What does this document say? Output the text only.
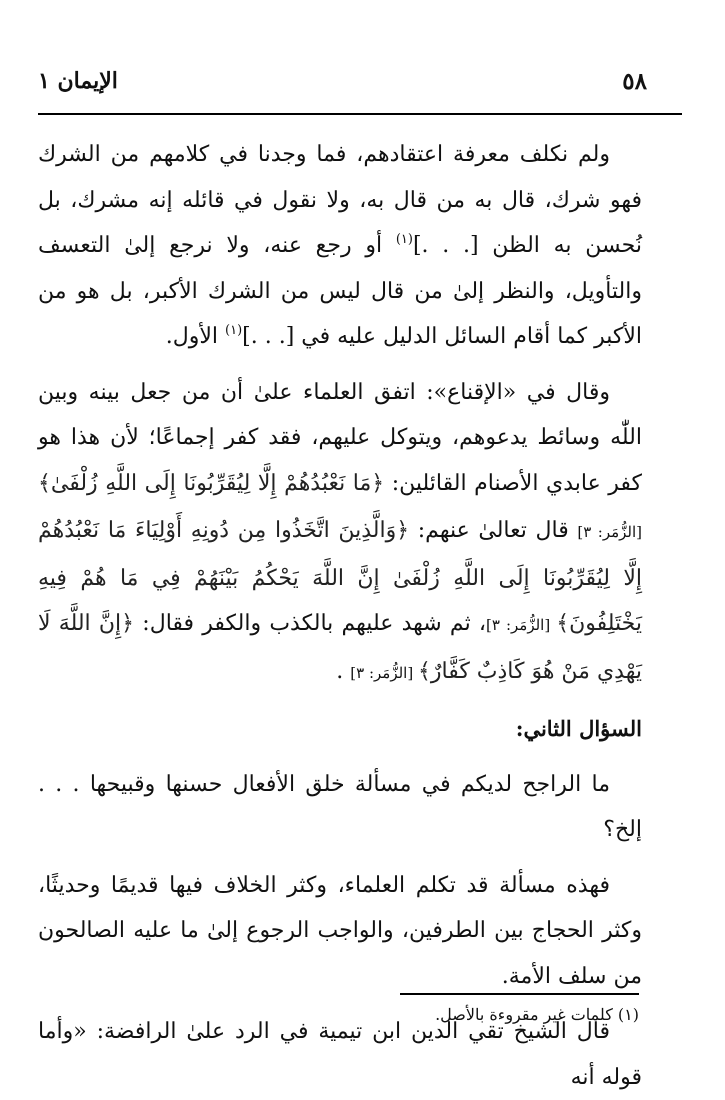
٥٨
الإيمان ١

ولم نكلف معرفة اعتقادهم، فما وجدنا في كلامهم من الشرك فهو شرك، قال به من قال به، ولا نقول في قائله إنه مشرك، بل نُحسن به الظن [. . .]$^{(١)}$ أو رجع عنه، ولا نرجع إلىٰ التعسف والتأويل، والنظر إلىٰ من قال ليس من الشرك الأكبر، بل هو من الأكبر كما أقام السائل الدليل عليه في [. . .]$^{(١)}$ الأول.

وقال في «الإقناع»: اتفق العلماء علىٰ أن من جعل بينه وبين اللّٰه وسائط يدعوهم، ويتوكل عليهم، فقد كفر إجماعًا؛ لأن هذا هو كفر عابدي الأصنام القائلين: ﴿مَا نَعْبُدُهُمْ إِلَّا لِيُقَرِّبُونَا إِلَى اللَّهِ زُلْفَىٰ﴾ [الزُّمَر: ٣] قال تعالىٰ عنهم: ﴿وَالَّذِينَ اتَّخَذُوا مِن دُونِهِ أَوْلِيَاءَ مَا نَعْبُدُهُمْ إِلَّا لِيُقَرِّبُونَا إِلَى اللَّهِ زُلْفَىٰ إِنَّ اللَّهَ يَحْكُمُ بَيْنَهُمْ فِي مَا هُمْ فِيهِ يَخْتَلِفُونَ﴾ [الزُّمَر: ٣]، ثم شهد عليهم بالكذب والكفر فقال: ﴿إِنَّ اللَّهَ لَا يَهْدِي مَنْ هُوَ كَاذِبٌ كَفَّارٌ﴾ [الزُّمَر: ٣] .

السؤال الثاني:

ما الراجح لديكم في مسألة خلق الأفعال حسنها وقبيحها . . . إلخ؟

فهذه مسألة قد تكلم العلماء، وكثر الخلاف فيها قديمًا وحديثًا، وكثر الحجاج بين الطرفين، والواجب الرجوع إلىٰ ما عليه الصالحون من سلف الأمة.

قال الشيخ تقي الدين ابن تيمية في الرد علىٰ الرافضة: «وأما قوله أنه

(١) كلمات غير مقروءة بالأصل.
